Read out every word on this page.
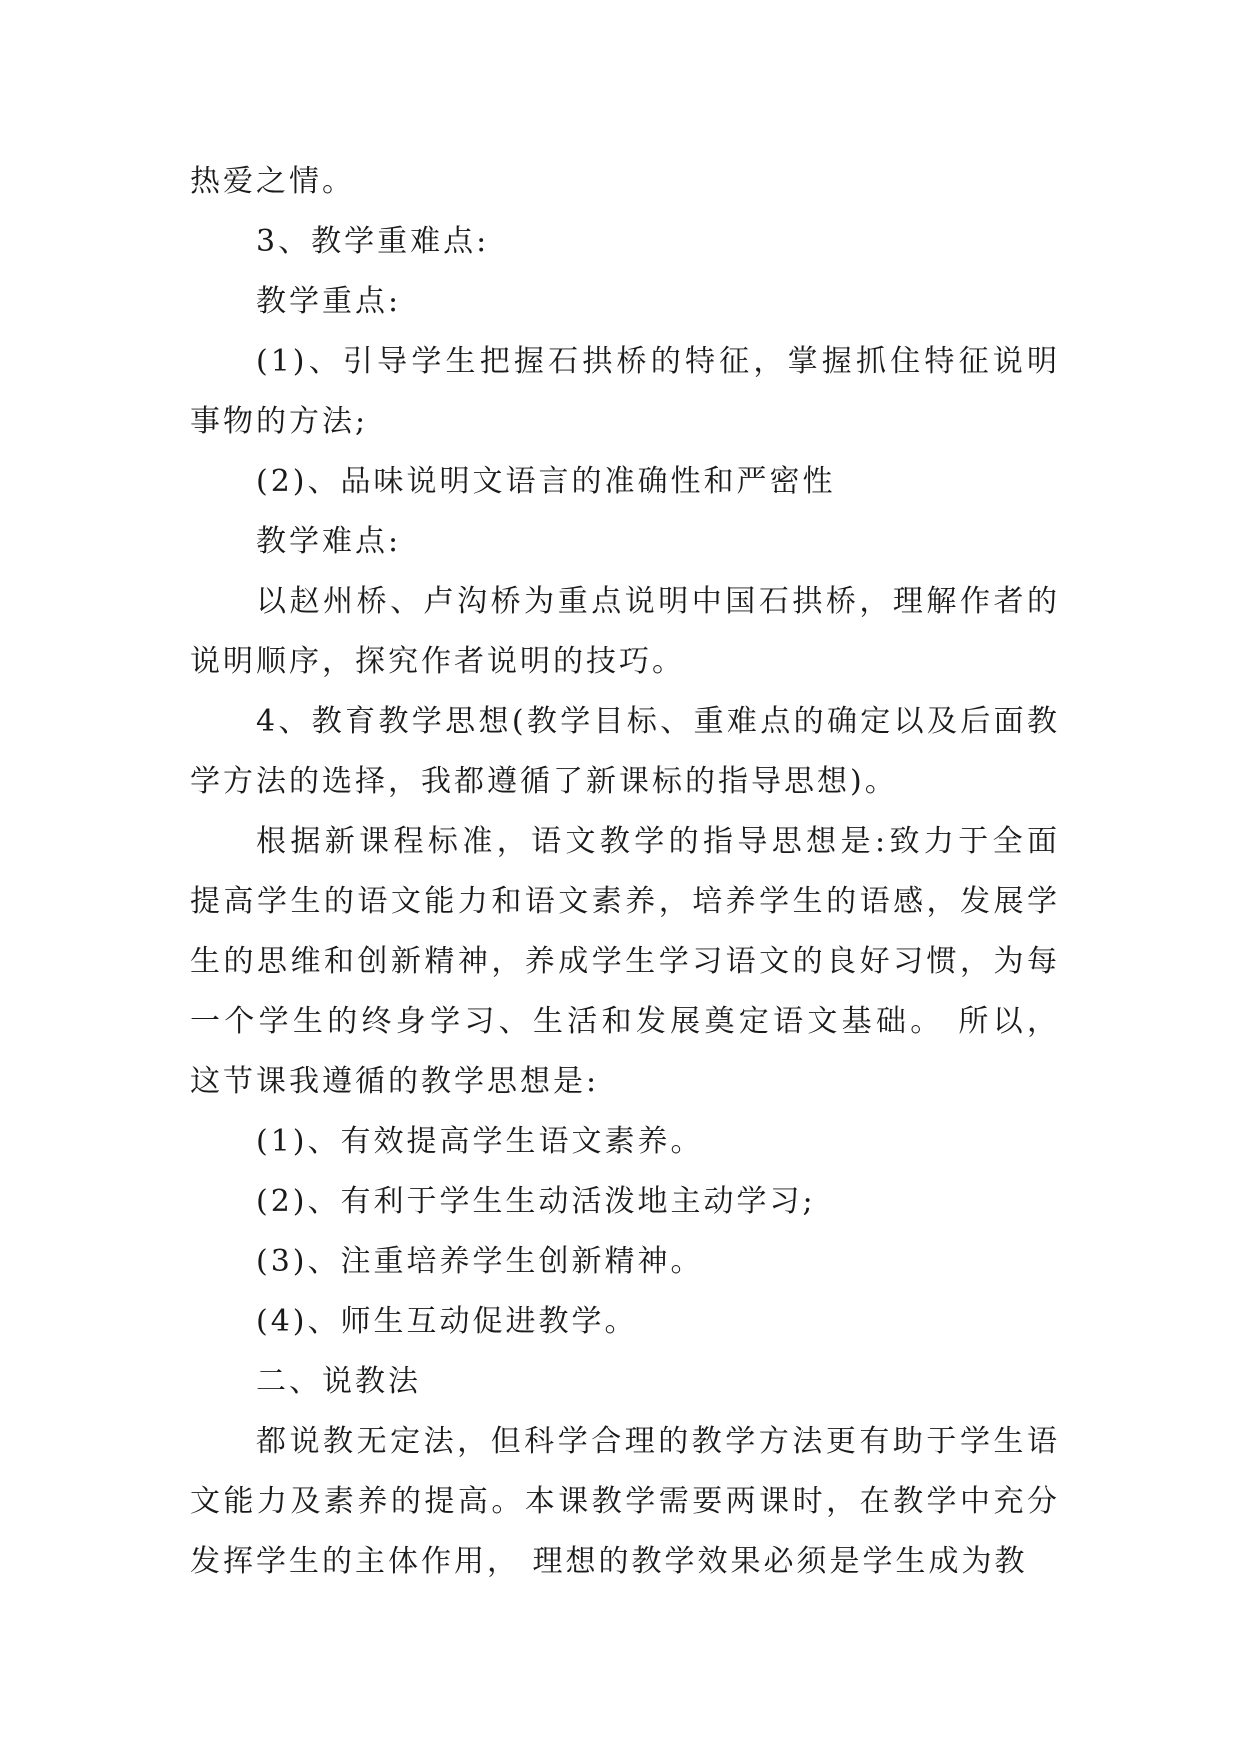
热爱之情。

3、教学重难点:

教学重点:

(1)、引导学生把握石拱桥的特征，掌握抓住特征说明事物的方法;

(2)、品味说明文语言的准确性和严密性

教学难点:

以赵州桥、卢沟桥为重点说明中国石拱桥，理解作者的说明顺序，探究作者说明的技巧。

4、教育教学思想(教学目标、重难点的确定以及后面教学方法的选择，我都遵循了新课标的指导思想)。

根据新课程标准，语文教学的指导思想是:致力于全面提高学生的语文能力和语文素养，培养学生的语感，发展学生的思维和创新精神，养成学生学习语文的良好习惯，为每一个学生的终身学习、生活和发展奠定语文基础。 所以，这节课我遵循的教学思想是:

(1)、有效提高学生语文素养。

(2)、有利于学生生动活泼地主动学习;

(3)、注重培养学生创新精神。

(4)、师生互动促进教学。

二、说教法

都说教无定法，但科学合理的教学方法更有助于学生语文能力及素养的提高。本课教学需要两课时，在教学中充分发挥学生的主体作用， 理想的教学效果必须是学生成为教
